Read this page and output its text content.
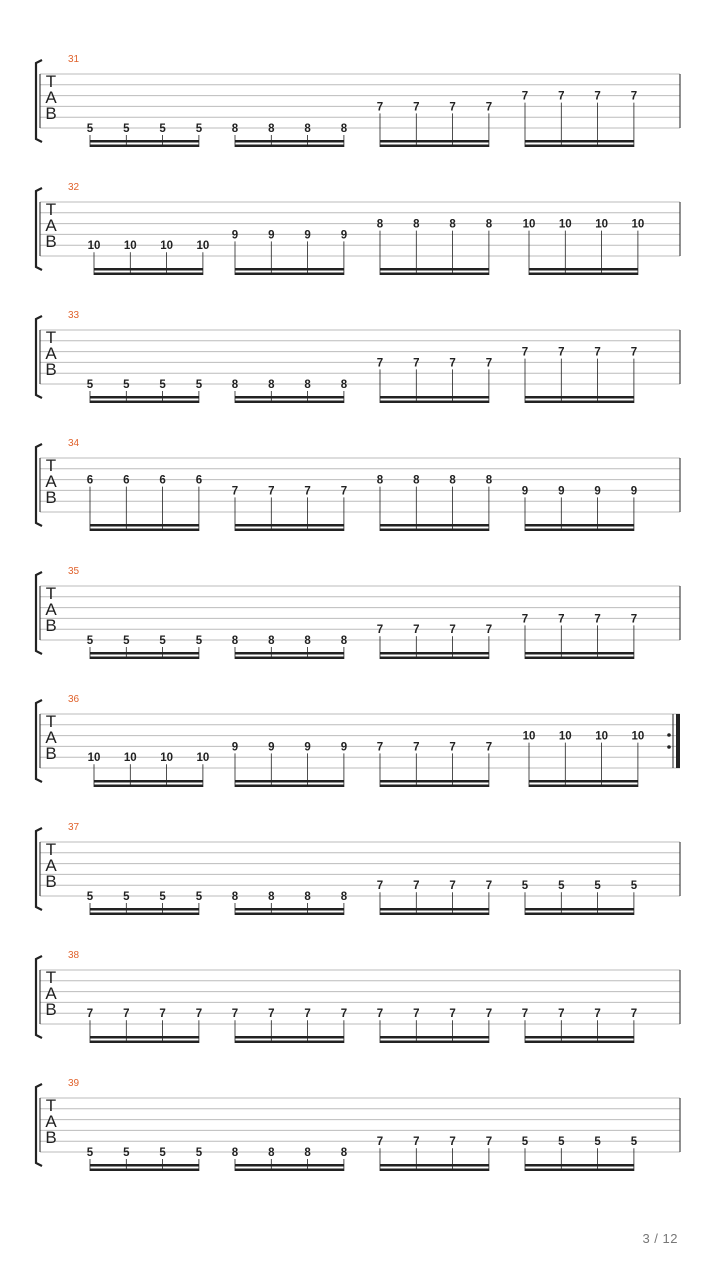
31
T
A
B
5	5	5	5	8	8	8	8
7	7	7	7
7	7	7	7
32
T
A
B	10 10 10 10
9	9	9	9
8	8	8	8	10 10 10 10
33
T
A
B
5	5	5	5	8	8	8	8
7	7	7	7
7	7	7	7
34
T
A
B
6	6	6	6
7	7	7	7
8	8	8	8
9	9	9	9
35
T
A
B
5	5	5	5	8	8	8	8
7	7	7	7
7	7	7	7
36
T
A
B	10 10 10 10
9	9	9	9	7	7	7	7
10 10 10 10
37
T
A
B
5	5	5	5	8	8	8	8
7	7	7	7	5	5	5	5
38
T
A
B	7	7	7	7	7	7	7	7	7	7	7	7	7	7	7	7
39
T
A
B
5	5	5	5	8	8	8	8
7	7	7	7	5	5	5	5
3 / 12
